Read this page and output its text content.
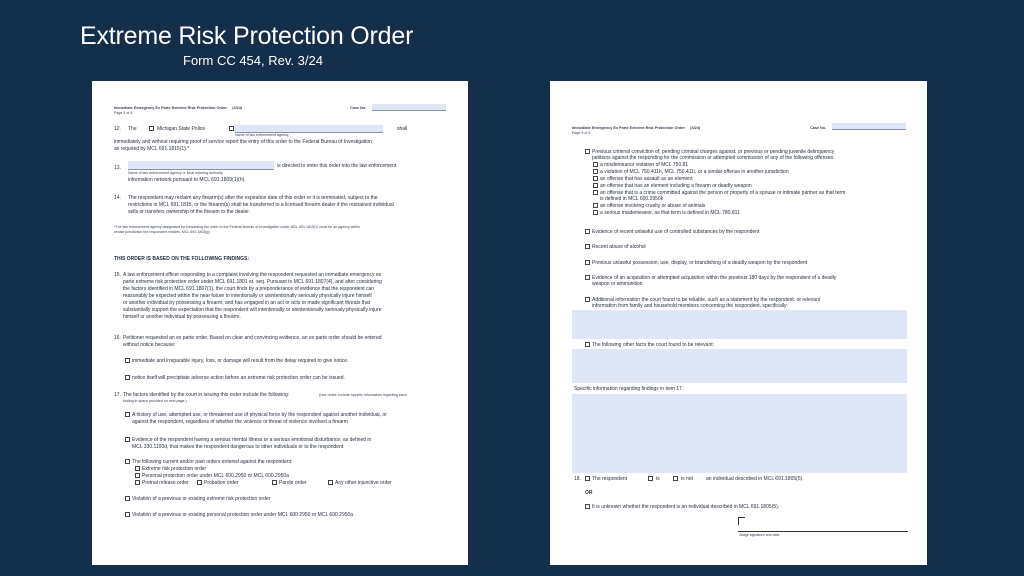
Extreme Risk Protection Order
Form CC 454, Rev. 3/24
Immediate Emergency Ex Parte Extreme Risk Protection Order (3/24)
Page 4 of 5
Case No.
12. The	Michigan State Police
Name of law enforcement agency
shall
immediately and without requiring proof of service report the entry of this order to the Federal Bureau of Investigation
as required by MCL 691.1815(1).*
13.	is directed to enter this order into the law enforcement
Name of law enforcement agency or local entering authority
information network pursuant to MCL 691.1809(1)(h).
14. The respondent may reclaim any firearm(s) after the expiration date of this order or it is terminated, subject to the
restrictions in MCL 691.1815, or the firearm(s) shall be transferred to a licensed firearm dealer if the restrained individual
sells or transfers ownership of the firearm to the dealer.
*The law enforcement agency designated for forwarding the order to the Federal Bureau of Investigation under MCL 691.1815(1) must be an agency within
whose jurisdiction the respondent resides. MCL 691.1803(g).
THIS ORDER IS BASED ON THE FOLLOWING FINDINGS:
15. A law enforcement officer responding to a complaint involving the respondent requested an immediate emergency ex
parte extreme risk protection order under MCL 691.1801 et. seq. Pursuant to MCL 691.1807(4), and after considering
the factors identified in MCL 691.1807(1), the court finds by a preponderance of evidence that the respondent can
reasonably be expected within the near future to intentionally or unintentionally seriously physically injure himself
or another individual by possessing a firearm, and has engaged in an act or acts or made significant threats that
substantially support the expectation that the respondent will intentionally or unintentionally seriously physically injure
himself or another individual by possessing a firearm.
16. Petitioner requested an ex parte order. Based on clear and convincing evidence, an ex parte order should be entered
without notice because:
immediate and irreparable injury, loss, or damage will result from the delay required to give notice.
notice itself will precipitate adverse action before an extreme risk protection order can be issued.
17. The factors identified by the court in issuing this order include the following:	(Use notes: Include specific information regarding each
finding in space provided on next page.)
A history of use, attempted use, or threatened use of physical force by the respondent against another individual, or
against the respondent, regardless of whether the violence or threat of violence involved a firearm
Evidence of the respondent having a serious mental illness or a serious emotional disturbance, as defined in
MCL 330.1100d, that makes the respondent dangerous to other individuals or to the respondent
The following current and/or past orders entered against the respondent:
Extreme risk protection order
Personal protection order under MCL 600.2950 or MCL 600.2950a
Pretrial release order	Probation order	Parole order	Any other injunctive order
Violation of a previous or existing extreme risk protection order
Violation of a previous or existing personal protection order under MCL 600.2950 or MCL 600.2950a
Immediate Emergency Ex Parte Extreme Risk Protection Order (3/24)
Page 5 of 5
Case No.
Previous criminal conviction of, pending criminal charges against, or previous or pending juvenile delinquency
petitions against the responding for the commission or attempted commission of any of the following offenses:
a misdemeanor violation of MCL 750.81
a violation of MCL 750.411h, MCL 750.411i, or a similar offense in another jurisdiction
an offense that has assault as an element
an offense that has an element including a firearm or deadly weapon
an offense that is a crime committed against the person or property of a spouse or intimate partner as that term
is defined in MCL 600.2950k
an offense involving cruelty or abuse of animals
a serious misdemeanor, as that term is defined in MCL 780.811
Evidence of recent unlawful use of controlled substances by the respondent
Recent abuse of alcohol
Previous unlawful possession, use, display, or brandishing of a deadly weapon by the respondent
Evidence of an acquisition or attempted acquisition within the previous 180 days by the respondent of a deadly
weapon or ammunition
Additional information the court found to be reliable, such as a statement by the respondent, or relevant
information from family and household members concerning the respondent, specifically:
The following other facts the court found to be relevant:
Specific information regarding findings in item 17 :
18. The respondent	is	is not	an individual described in MCL 691.1805(5).
OR
It is unknown whether the respondent is an individual described in MCL 691.1805(5).
Judge signature and date
